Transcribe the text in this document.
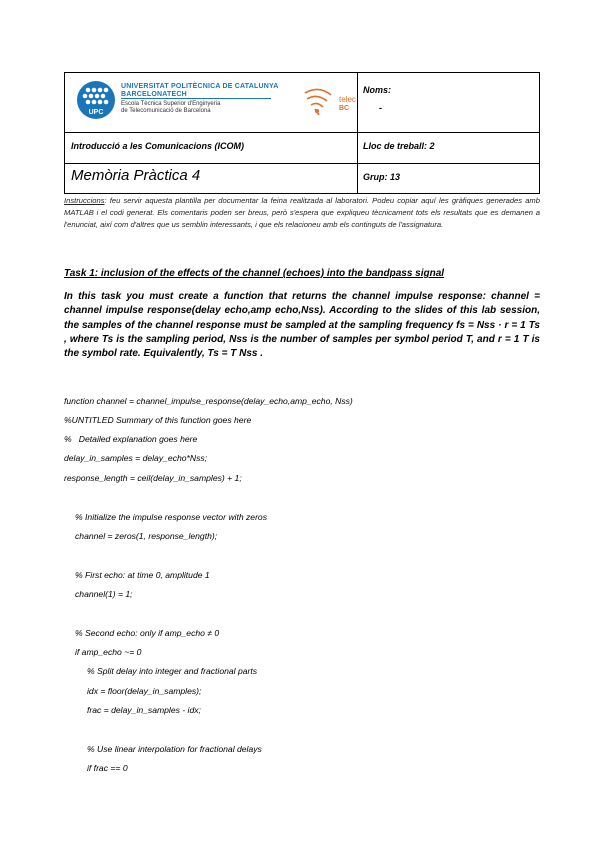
UPC
UNIVERSITAT POLITÈCNICA DE CATALUNYA
BARCELONATECH
Escola Tècnica Superior d'Enginyeria
de Telecomunicació de Barcelona
telec
BC
Noms:
-
Introducció a les Comunicacions (ICOM)	Lloc de treball: 2
Memòria Pràctica 4	Grup: 13
Instruccions: feu servir aquesta plantilla per documentar la feina realitzada al laboratori. Podeu copiar aquí les gràfiques generades amb MATLAB i el codi generat. Els comentaris poden ser breus, però s'espera que expliqueu tècnicament tots els resultats que es demanen a l'enunciat, així com d'altres que us semblin interessants, i que els relacioneu amb els continguts de l'assignatura.
Task 1: inclusion of the effects of the channel (echoes) into the bandpass signal
In this task you must create a function that returns the channel impulse response: channel = channel impulse response(delay echo,amp echo,Nss). According to the slides of this lab session, the samples of the channel response must be sampled at the sampling frequency fs = Nss · r = 1 Ts , where Ts is the sampling period, Nss is the number of samples per symbol period T, and r = 1 T is the symbol rate. Equivalently, Ts = T Nss .
function channel = channel_impulse_response(delay_echo,amp_echo, Nss)
%UNTITLED Summary of this function goes here
%   Detailed explanation goes here
delay_in_samples = delay_echo*Nss;
response_length = ceil(delay_in_samples) + 1;
% Initialize the impulse response vector with zeros
channel = zeros(1, response_length);
% First echo: at time 0, amplitude 1
channel(1) = 1;
% Second echo: only if amp_echo ≠ 0
if amp_echo ~= 0
% Split delay into integer and fractional parts
idx = floor(delay_in_samples);
frac = delay_in_samples - idx;
% Use linear interpolation for fractional delays
if frac == 0
